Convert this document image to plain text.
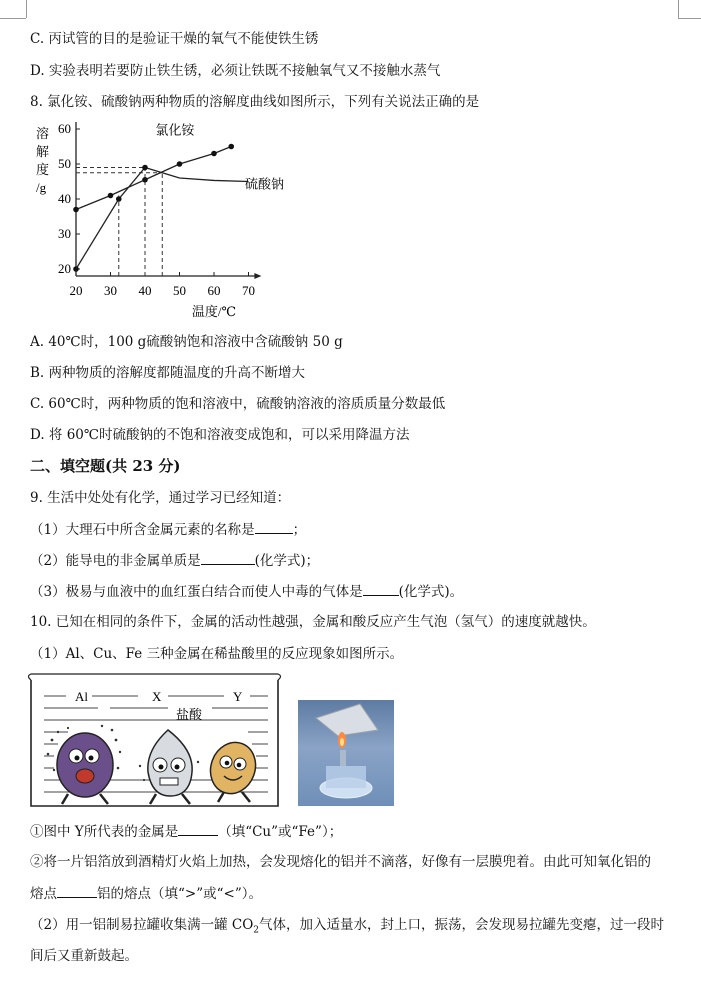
C. 丙试管的目的是验证干燥的氧气不能使铁生锈
D. 实验表明若要防止铁生锈，必须让铁既不接触氧气又不接触水蒸气
8. 氯化铵、硫酸钠两种物质的溶解度曲线如图所示，下列有关说法正确的是
20 30 40 50 60 70
20
30
40
50
60
溶
解
度
/g
温度/℃
氯化铵
硫酸钠
A. 40℃时，100 g硫酸钠饱和溶液中含硫酸钠 50 g
B. 两种物质的溶解度都随温度的升高不断增大
C. 60℃时，两种物质的饱和溶液中，硫酸钠溶液的溶质质量分数最低
D. 将 60℃时硫酸钠的不饱和溶液变成饱和，可以采用降温方法
二、填空题(共 23 分)
9. 生活中处处有化学，通过学习已经知道：
（1）大理石中所含金属元素的名称是	；
（2）能导电的非金属单质是	(化学式)；
（3）极易与血液中的血红蛋白结合而使人中毒的气体是	(化学式)。
10. 已知在相同的条件下，金属的活动性越强，金属和酸反应产生气泡（氢气）的速度就越快。
（1）Al、Cu、Fe 三种金属在稀盐酸里的反应现象如图所示。
Al	X	Y
盐酸
①图中 Y所代表的金属是	（填“Cu”或“Fe”）；
②将一片铝箔放到酒精灯火焰上加热，会发现熔化的铝并不滴落，好像有一层膜兜着。由此可知氧化铝的
熔点	铝的熔点（填“>”或“<”）。
（2）用一铝制易拉罐收集满一罐 $CO_2$气体，加入适量水，封上口，振荡，会发现易拉罐先变瘪，过一段时
间后又重新鼓起。
